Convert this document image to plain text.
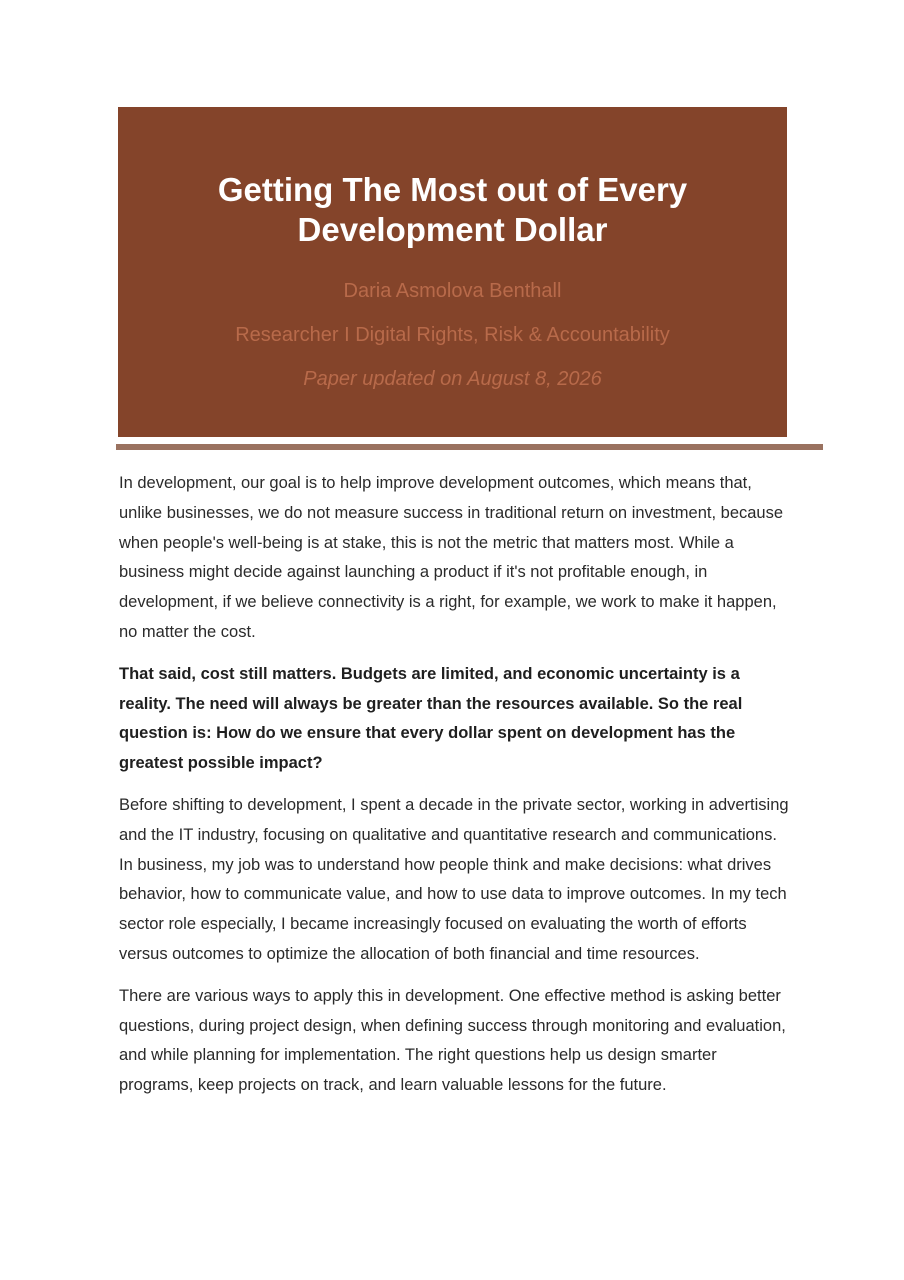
Getting The Most out of Every Development Dollar
Daria Asmolova Benthall
Researcher I Digital Rights, Risk & Accountability
Paper updated on August 8, 2026

In development, our goal is to help improve development outcomes, which means that, unlike businesses, we do not measure success in traditional return on investment, because when people's well-being is at stake, this is not the metric that matters most. While a business might decide against launching a product if it's not profitable enough, in development, if we believe connectivity is a right, for example, we work to make it happen, no matter the cost.

That said, cost still matters. Budgets are limited, and economic uncertainty is a reality. The need will always be greater than the resources available. So the real question is: How do we ensure that every dollar spent on development has the greatest possible impact?

Before shifting to development, I spent a decade in the private sector, working in advertising and the IT industry, focusing on qualitative and quantitative research and communications. In business, my job was to understand how people think and make decisions: what drives behavior, how to communicate value, and how to use data to improve outcomes. In my tech sector role especially, I became increasingly focused on evaluating the worth of efforts versus outcomes to optimize the allocation of both financial and time resources.

There are various ways to apply this in development. One effective method is asking better questions, during project design, when defining success through monitoring and evaluation, and while planning for implementation. The right questions help us design smarter programs, keep projects on track, and learn valuable lessons for the future.
